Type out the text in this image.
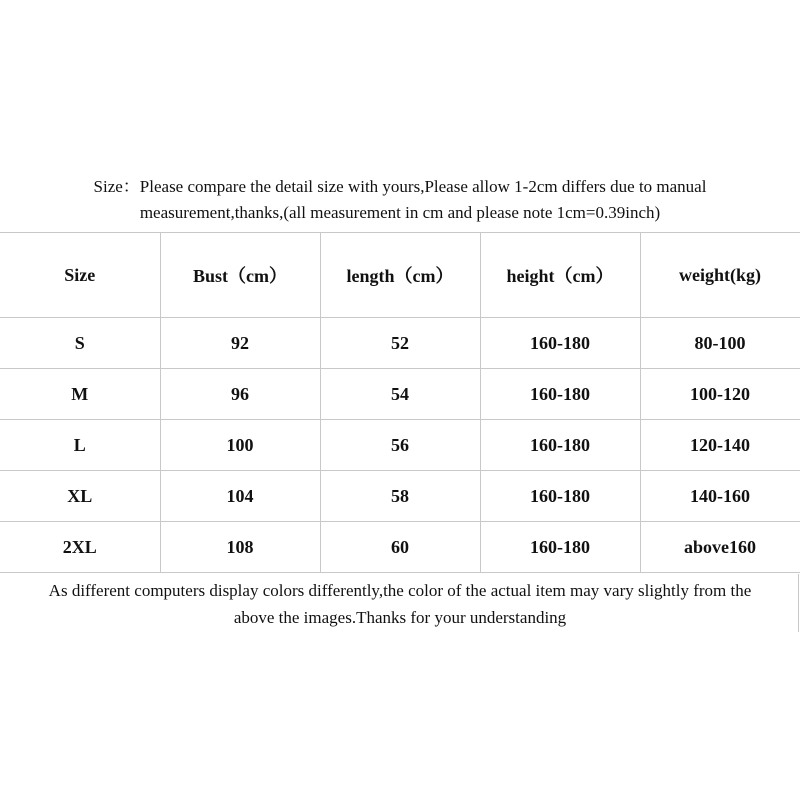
Size：Please compare the detail size with yours,Please allow 1-2cm differs due to manual
measurement,thanks,(all measurement in cm and please note 1cm=0.39inch)
Size	Bust（cm）	length（cm）	height（cm）	weight(kg)
S	92	52	160-180	80-100
M	96	54	160-180	100-120
L	100	56	160-180	120-140
XL	104	58	160-180	140-160
2XL	108	60	160-180	above160
As different computers display colors differently,the color of the actual item may vary slightly from the
above the images.Thanks for your understanding
